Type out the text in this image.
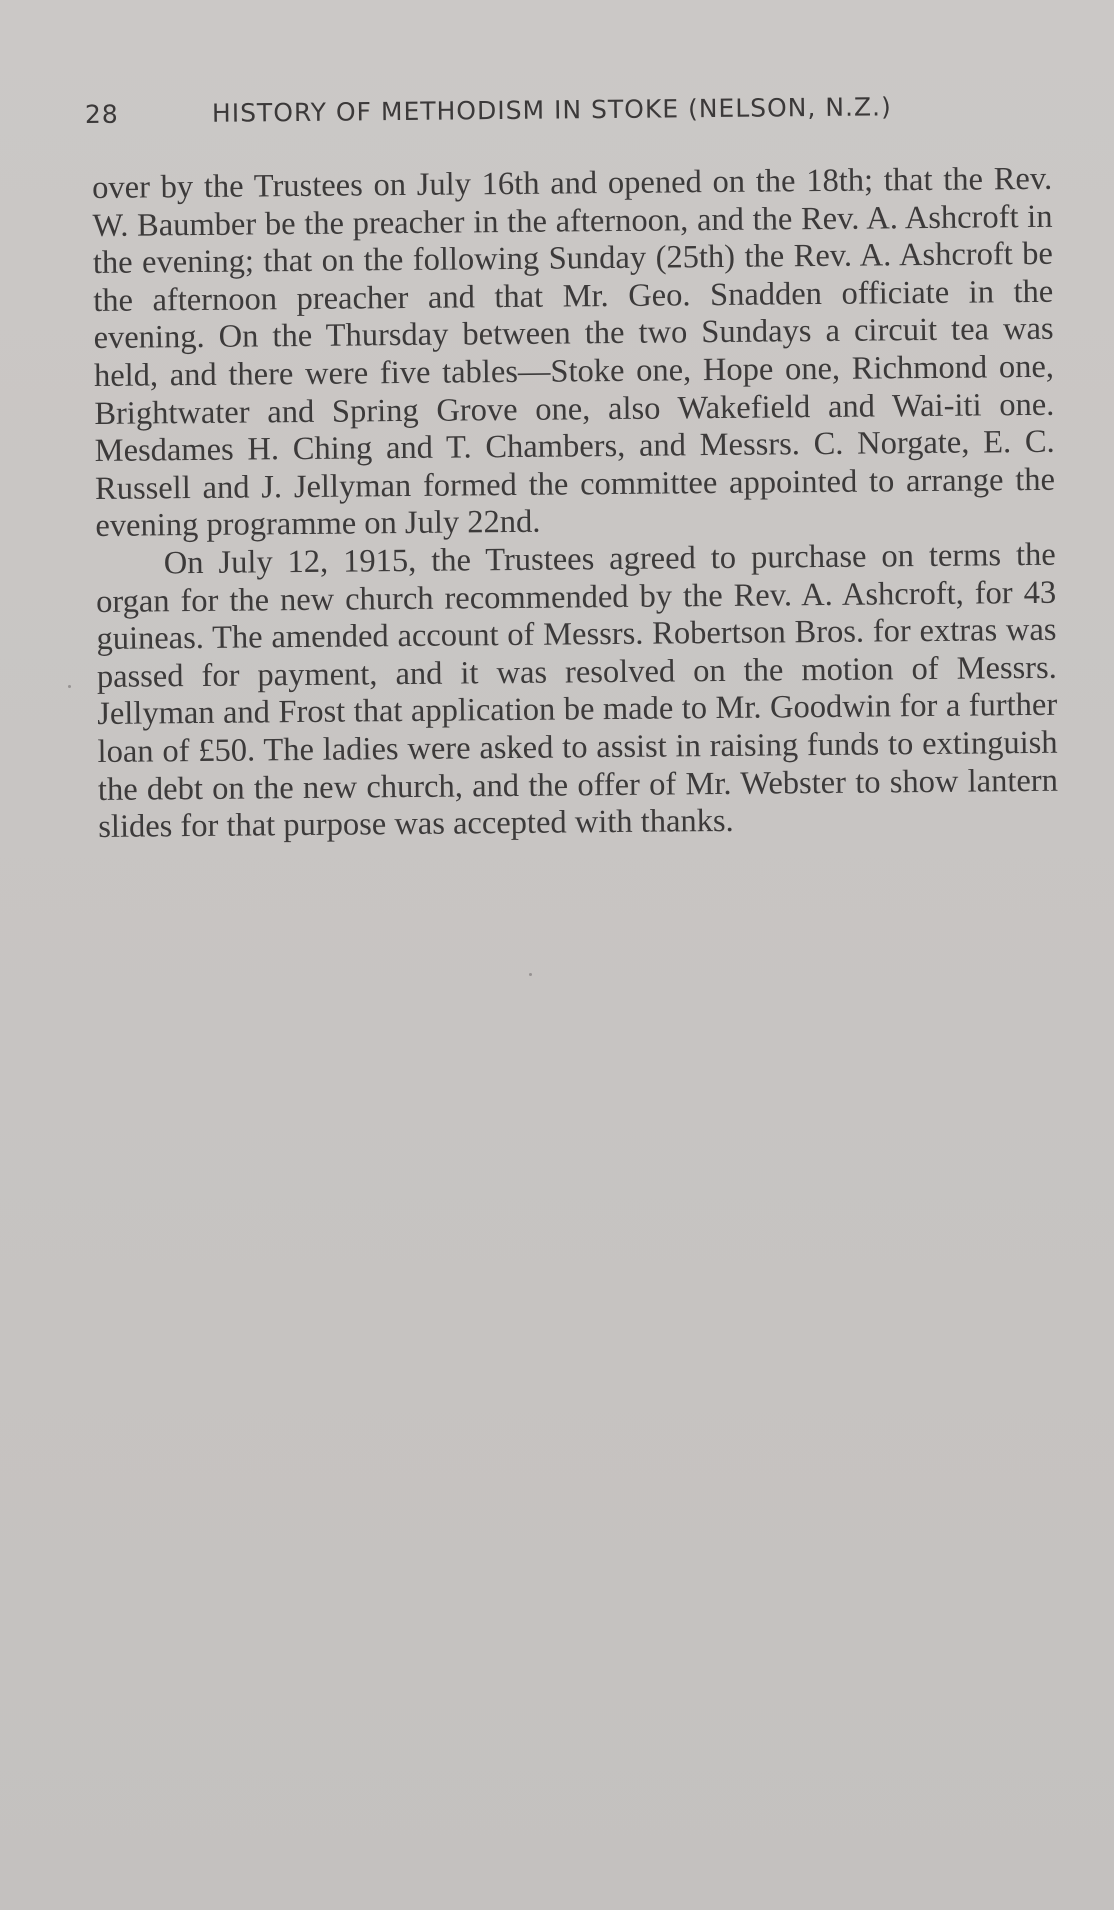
28	HISTORY OF METHODISM IN STOKE (NELSON, N.Z.)

over by the Trustees on July 16th and opened on the 18th; that the Rev. W. Baumber be the preacher in the afternoon, and the Rev. A. Ashcroft in the evening; that on the following Sunday (25th) the Rev. A. Ashcroft be the afternoon preacher and that Mr. Geo. Snadden officiate in the evening. On the Thursday between the two Sundays a circuit tea was held, and there were five tables—Stoke one, Hope one, Richmond one, Brightwater and Spring Grove one, also Wakefield and Wai-iti one. Mesdames H. Ching and T. Chambers, and Messrs. C. Norgate, E. C. Russell and J. Jellyman formed the committee appointed to arrange the evening programme on July 22nd.

On July 12, 1915, the Trustees agreed to purchase on terms the organ for the new church recommended by the Rev. A. Ashcroft, for 43 guineas. The amended account of Messrs. Robertson Bros. for extras was passed for payment, and it was resolved on the motion of Messrs. Jellyman and Frost that application be made to Mr. Goodwin for a further loan of £50. The ladies were asked to assist in raising funds to extinguish the debt on the new church, and the offer of Mr. Webster to show lantern slides for that purpose was accepted with thanks.
